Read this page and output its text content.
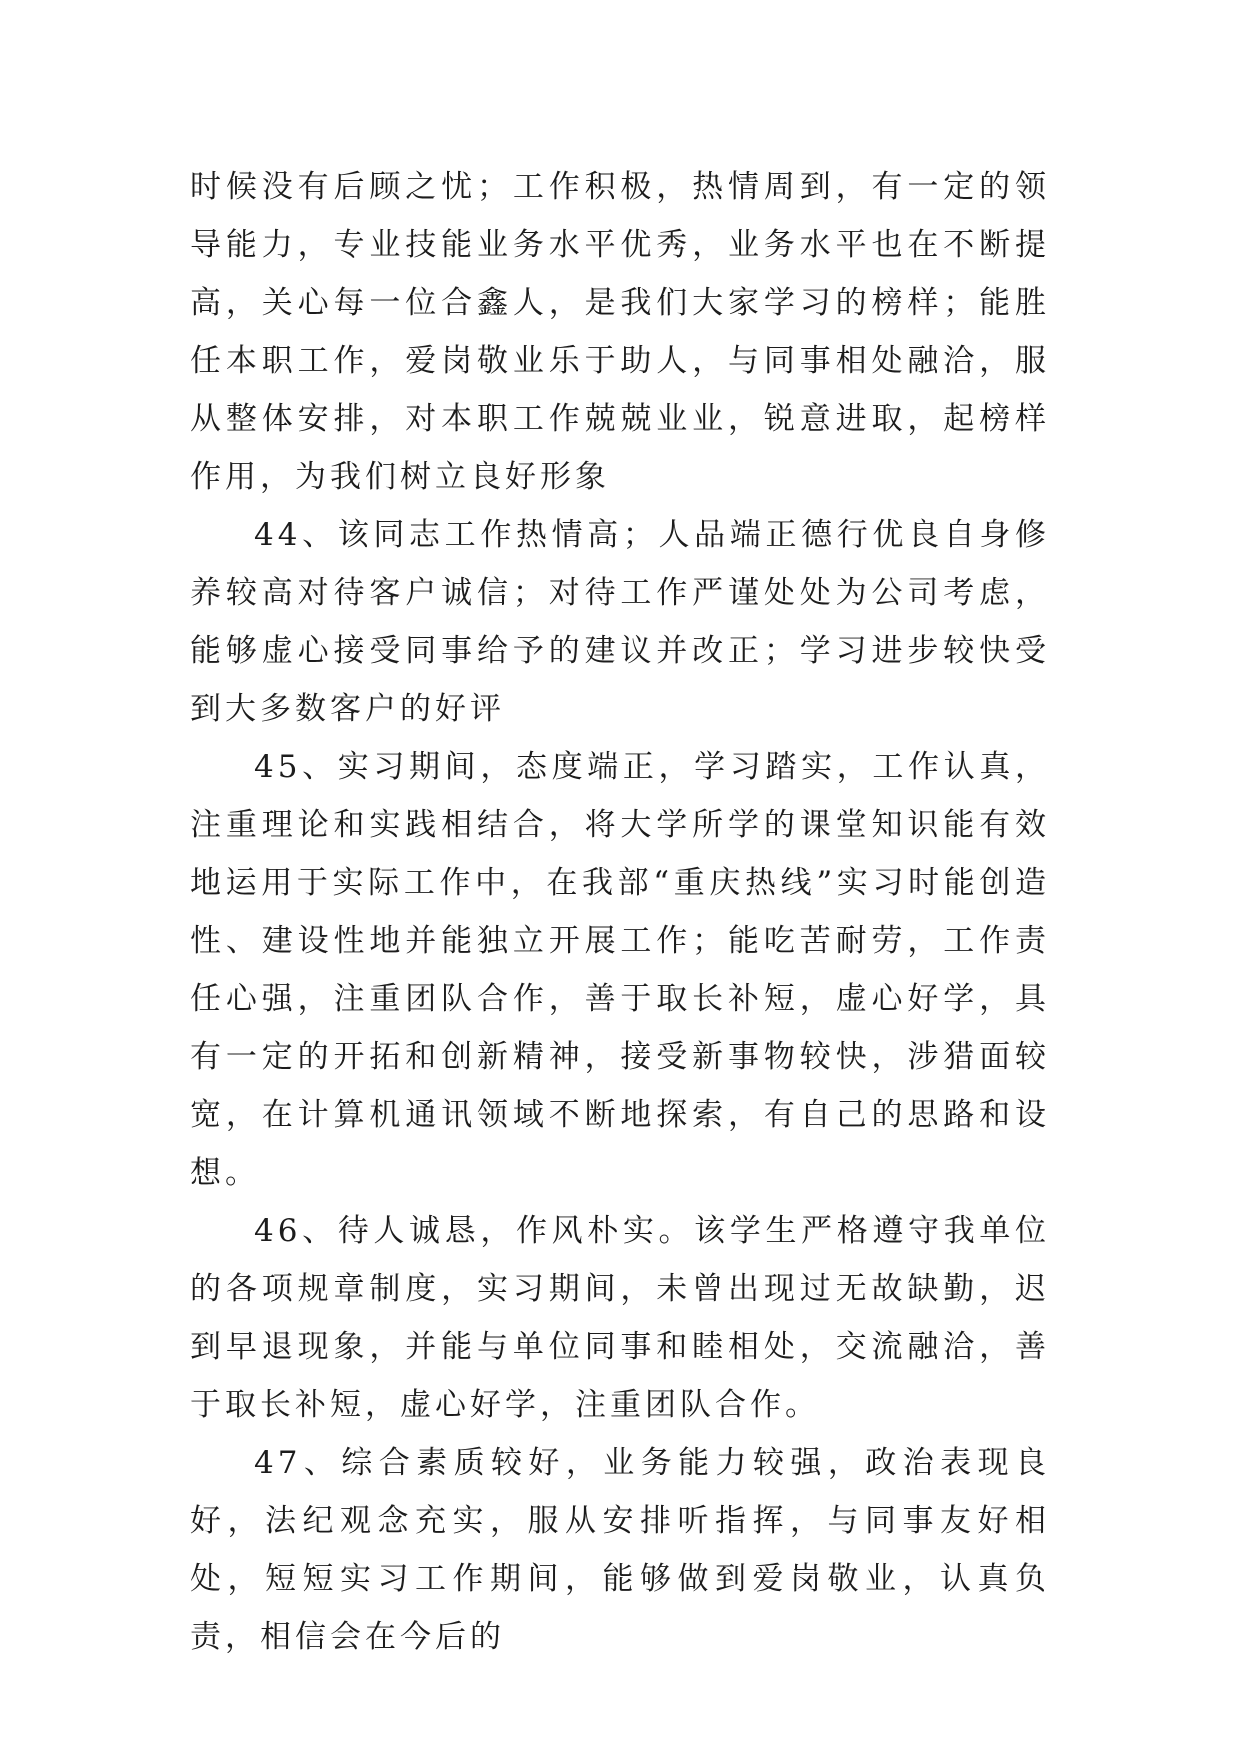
时候没有后顾之忧；工作积极，热情周到，有一定的领导能力，专业技能业务水平优秀，业务水平也在不断提高，关心每一位合鑫人，是我们大家学习的榜样；能胜任本职工作，爱岗敬业乐于助人，与同事相处融洽，服从整体安排，对本职工作兢兢业业，锐意进取，起榜样作用，为我们树立良好形象

44、该同志工作热情高；人品端正德行优良自身修养较高对待客户诚信；对待工作严谨处处为公司考虑，能够虚心接受同事给予的建议并改正；学习进步较快受到大多数客户的好评

45、实习期间，态度端正，学习踏实，工作认真，注重理论和实践相结合，将大学所学的课堂知识能有效地运用于实际工作中，在我部“重庆热线”实习时能创造性、建设性地并能独立开展工作；能吃苦耐劳，工作责任心强，注重团队合作，善于取长补短，虚心好学，具有一定的开拓和创新精神，接受新事物较快，涉猎面较宽，在计算机通讯领域不断地探索，有自己的思路和设想。

46、待人诚恳，作风朴实。该学生严格遵守我单位的各项规章制度，实习期间，未曾出现过无故缺勤，迟到早退现象，并能与单位同事和睦相处，交流融洽，善于取长补短，虚心好学，注重团队合作。

47、综合素质较好，业务能力较强，政治表现良好，法纪观念充实，服从安排听指挥，与同事友好相处，短短实习工作期间，能够做到爱岗敬业，认真负责，相信会在今后的
